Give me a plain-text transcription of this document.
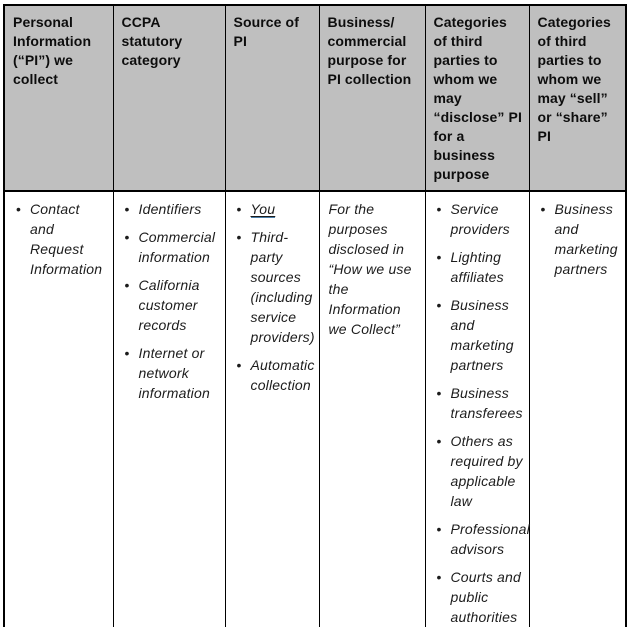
Personal Information (“PI”) we collect	CCPA statutory category	Source of PI	Business/​commercial purpose for PI collection	Categories of third parties to whom we may “disclose” PI for a business purpose	Categories of third parties to whom we may “sell” or “share” PI

• Contact and Request Information

• Identifiers
• Commercial information
• California customer records
• Internet or network information

• You
• Third-party sources (including service providers)
• Automatic collection

For the purposes disclosed in “How we use the Information we Collect”

• Service providers
• Lighting affiliates
• Business and marketing partners
• Business transferees
• Others as required by applicable law
• Professional advisors
• Courts and public authorities

• Business and marketing partners
